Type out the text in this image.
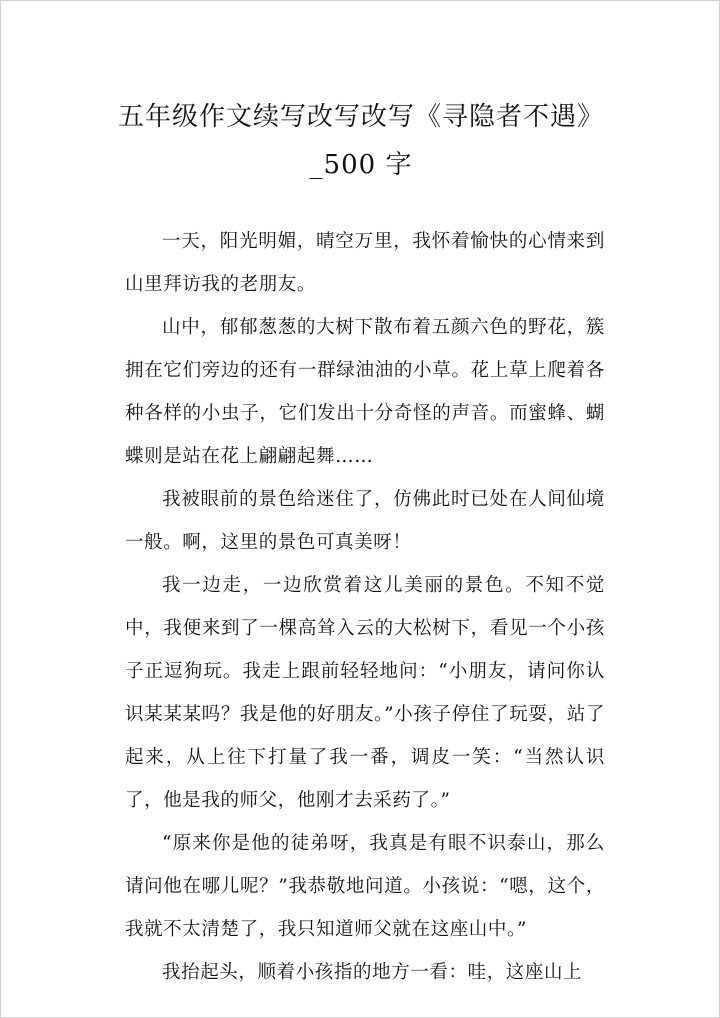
五年级作文续写改写改写《寻隐者不遇》
_500 字

一天，阳光明媚，晴空万里，我怀着愉快的心情来到山里拜访我的老朋友。

山中，郁郁葱葱的大树下散布着五颜六色的野花，簇拥在它们旁边的还有一群绿油油的小草。花上草上爬着各种各样的小虫子，它们发出十分奇怪的声音。而蜜蜂、蝴蝶则是站在花上翩翩起舞……

我被眼前的景色给迷住了，仿佛此时已处在人间仙境一般。啊，这里的景色可真美呀！

我一边走，一边欣赏着这儿美丽的景色。不知不觉中，我便来到了一棵高耸入云的大松树下，看见一个小孩子正逗狗玩。我走上跟前轻轻地问：“小朋友，请问你认识某某某吗？我是他的好朋友。”小孩子停住了玩耍，站了起来，从上往下打量了我一番，调皮一笑：“当然认识了，他是我的师父，他刚才去采药了。”

“原来你是他的徒弟呀，我真是有眼不识泰山，那么请问他在哪儿呢？”我恭敬地问道。小孩说：“嗯，这个，我就不太清楚了，我只知道师父就在这座山中。”

我抬起头，顺着小孩指的地方一看：哇，这座山上
